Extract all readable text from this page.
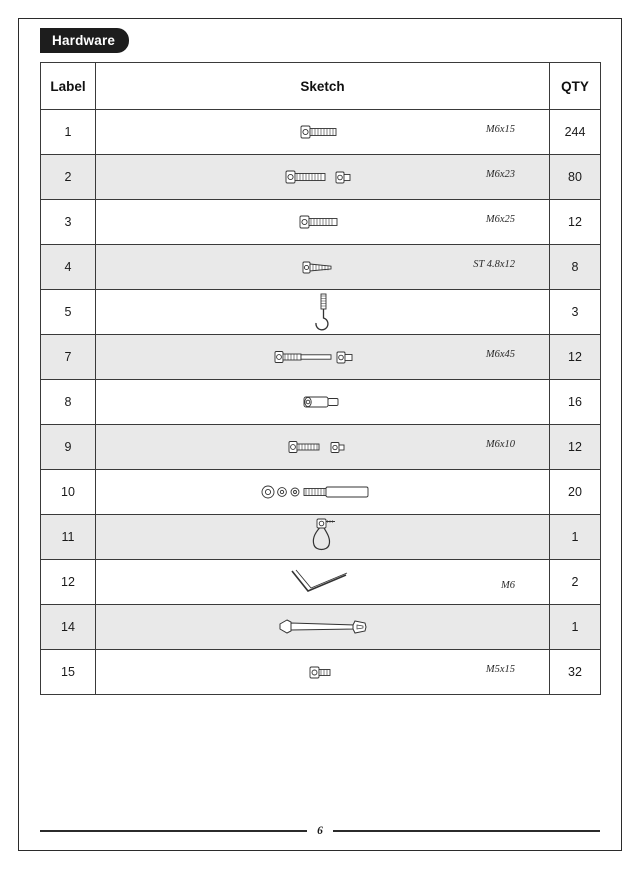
Hardware
Label	Sketch	QTY
1	M6x15	244
2	M6x23	80
3	M6x25	12
4	ST 4.8x12	8
5		3
7	M6x45	12
8		16
9	M6x10	12
10		20
11		1
12	M6	2
14		1
15	M5x15	32
6
